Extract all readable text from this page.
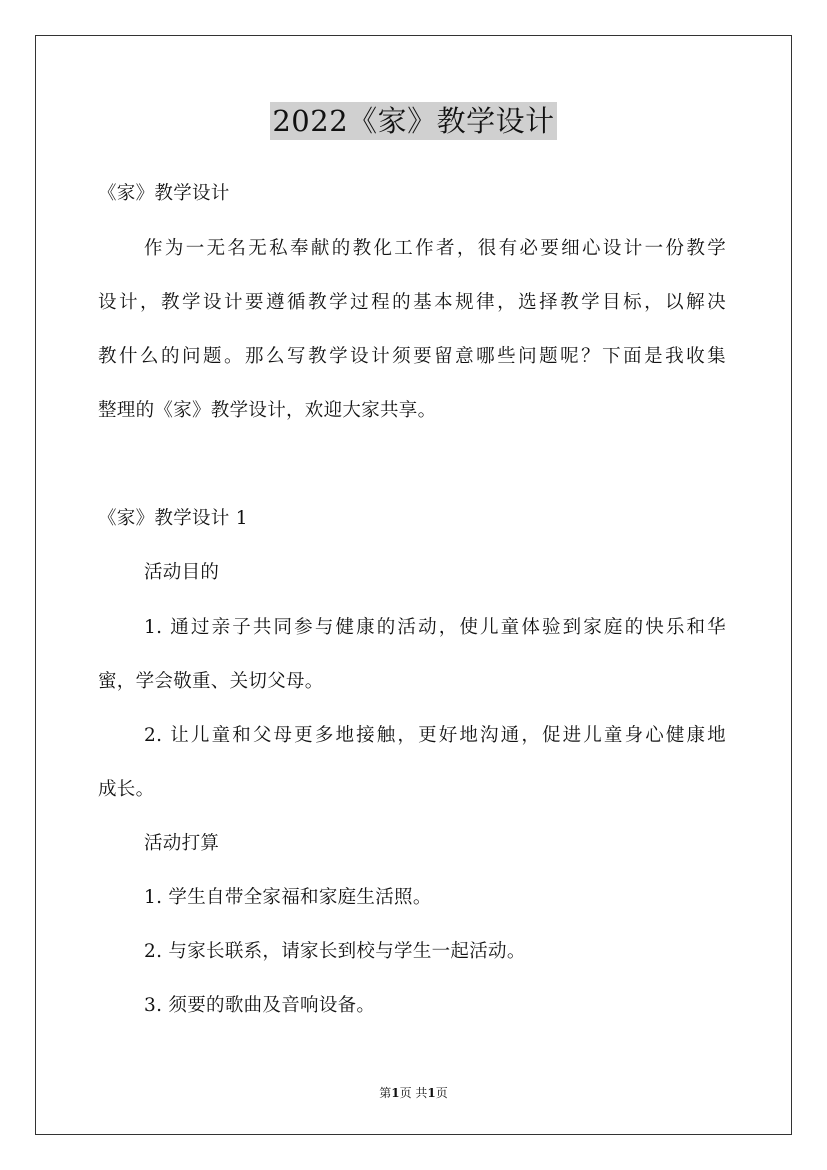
2022《家》教学设计
《家》教学设计
作为一无名无私奉献的教化工作者，很有必要细心设计一份教学
设计，教学设计要遵循教学过程的基本规律，选择教学目标，以解决
教什么的问题。那么写教学设计须要留意哪些问题呢？下面是我收集
整理的《家》教学设计，欢迎大家共享。
《家》教学设计 1
活动目的
1. 通过亲子共同参与健康的活动，使儿童体验到家庭的快乐和华
蜜，学会敬重、关切父母。
2. 让儿童和父母更多地接触，更好地沟通，促进儿童身心健康地
成长。
活动打算
1. 学生自带全家福和家庭生活照。
2. 与家长联系，请家长到校与学生一起活动。
3. 须要的歌曲及音响设备。
第1页 共1页
